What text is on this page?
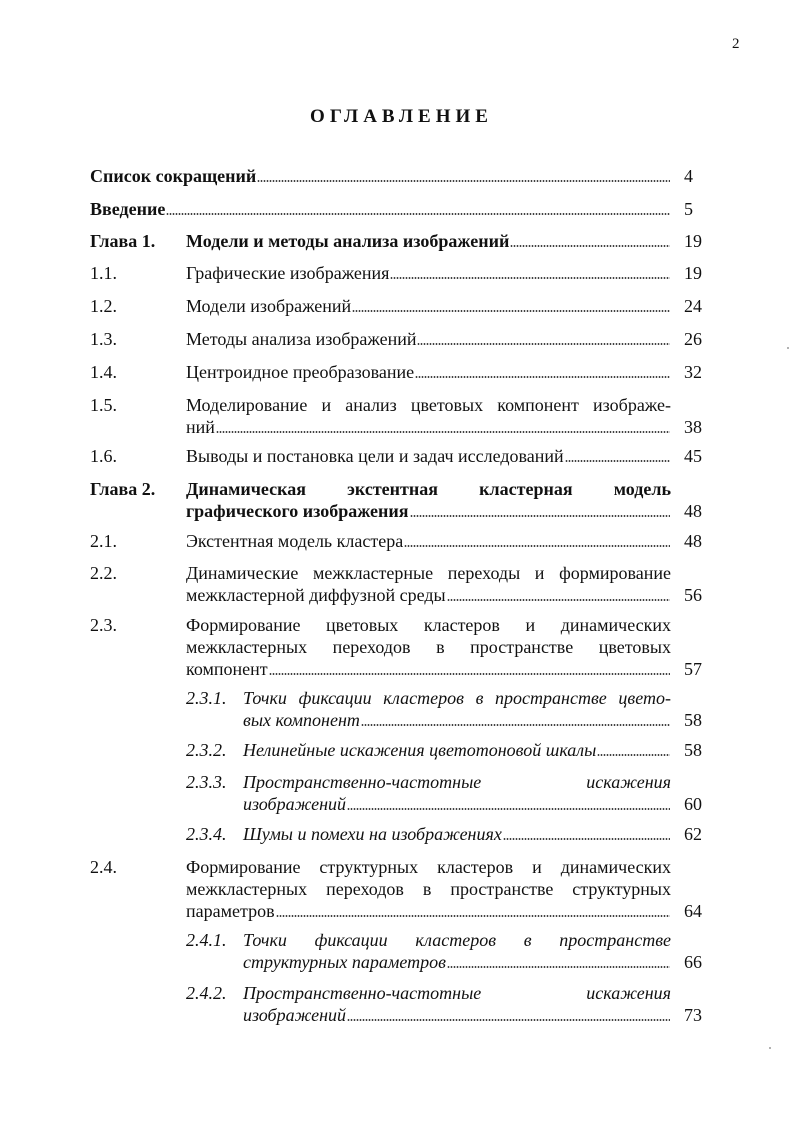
2
ОГЛАВЛЕНИЕ
Список сокращений	4
Введение	5
Глава 1. Модели и методы анализа изображений	19
1.1.	Графические изображения	19
1.2.	Модели изображений	24
1.3.	Методы анализа изображений	26
1.4.	Центроидное преобразование	32
1.5.	Моделирование и анализ цветовых компонент изображе-
ний	38
1.6.	Выводы и постановка цели и задач исследований	45
Глава 2. Динамическая экстентная кластерная модель
графического изображения	48
2.1.	Экстентная модель кластера	48
2.2.	Динамические межкластерные переходы и формирование
межкластерной диффузной среды	56
2.3.	Формирование цветовых кластеров и динамических
межкластерных переходов в пространстве цветовых
компонент	57
2.3.1. Точки фиксации кластеров в пространстве цвето-
вых компонент	58
2.3.2. Нелинейные искажения цветотоновой шкалы	58
2.3.3. Пространственно-частотные искажения
изображений	60
2.3.4. Шумы и помехи на изображениях	62
2.4.	Формирование структурных кластеров и динамических
межкластерных переходов в пространстве структурных
параметров	64
2.4.1. Точки фиксации кластеров в пространстве
структурных параметров	66
2.4.2. Пространственно-частотные искажения
изображений	73
